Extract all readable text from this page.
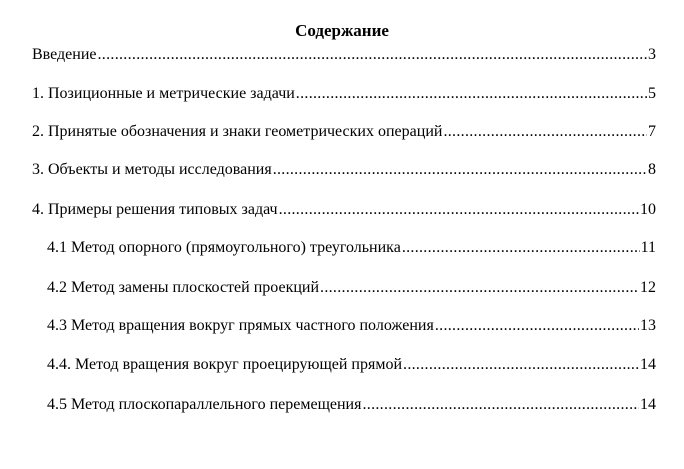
Содержание
Введение .....	3
1. Позиционные и метрические задачи .....	5
2. Принятые обозначения и знаки геометрических операций .....	7
3. Объекты и методы исследования .....	8
4. Примеры решения типовых задач .....	10
4.1 Метод опорного (прямоугольного) треугольника .....	11
4.2 Метод замены плоскостей проекций .....	12
4.3 Метод вращения вокруг прямых частного положения .....	13
4.4. Метод вращения вокруг проецирующей прямой .....	14
4.5 Метод плоскопараллельного перемещения .....	14
